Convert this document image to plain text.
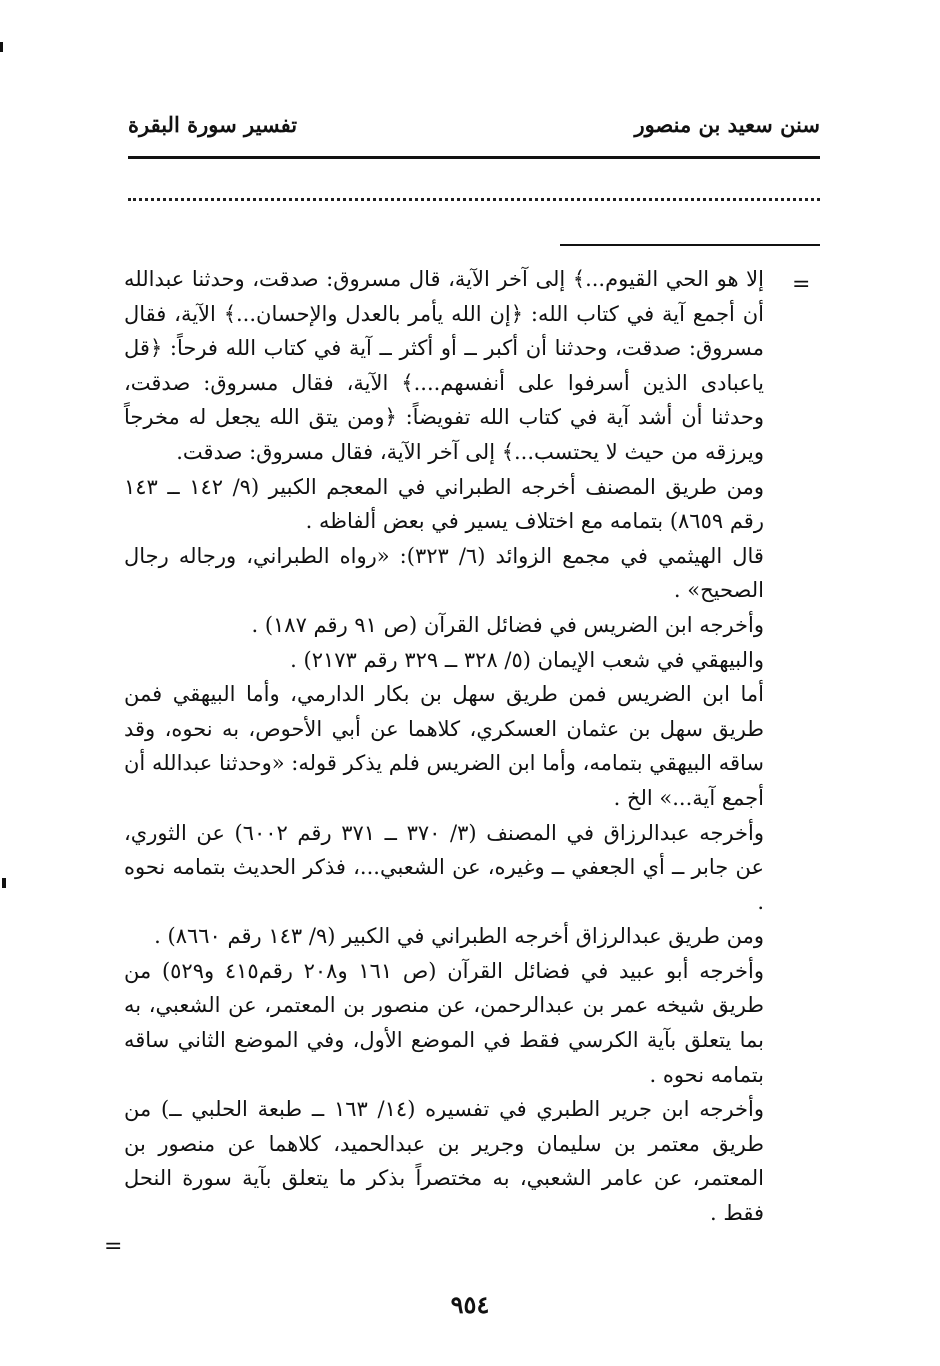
سنن سعيد بن منصور
تفسير سورة البقرة
=

إلا هو الحي القيوم...﴾ إلى آخر الآية، قال مسروق: صدقت، وحدثنا عبدالله أن أجمع آية في كتاب الله: ﴿إن الله يأمر بالعدل والإحسان...﴾ الآية، فقال مسروق: صدقت، وحدثنا أن أكبر ــ أو أكثر ــ آية في كتاب الله فرحاً: ﴿قل ياعبادى الذين أسرفوا على أنفسهم....﴾ الآية، فقال مسروق: صدقت، وحدثنا أن أشد آية في كتاب الله تفويضاً: ﴿ومن يتق الله يجعل له مخرجاً ويرزقه من حيث لا يحتسب...﴾ إلى آخر الآية، فقال مسروق: صدقت.

ومن طريق المصنف أخرجه الطبراني في المعجم الكبير (٩/ ١٤٢ ــ ١٤٣ رقم ٨٦٥٩) بتمامه مع اختلاف يسير في بعض ألفاظه .

قال الهيثمي في مجمع الزوائد (٦/ ٣٢٣): «رواه الطبراني، ورجاله رجال الصحيح» .

وأخرجه ابن الضريس في فضائل القرآن (ص ٩١ رقم ١٨٧) .

والبيهقي في شعب الإيمان (٥/ ٣٢٨ ــ ٣٢٩ رقم ٢١٧٣) .

أما ابن الضريس فمن طريق سهل بن بكار الدارمي، وأما البيهقي فمن طريق سهل بن عثمان العسكري، كلاهما عن أبي الأحوص، به نحوه، وقد ساقه البيهقي بتمامه، وأما ابن الضريس فلم يذكر قوله: «وحدثنا عبدالله أن أجمع آية...» الخ .

وأخرجه عبدالرزاق في المصنف (٣/ ٣٧٠ ــ ٣٧١ رقم ٦٠٠٢) عن الثوري، عن جابر ــ أي الجعفي ــ وغيره، عن الشعبي...، فذكر الحديث بتمامه نحوه .

ومن طريق عبدالرزاق أخرجه الطبراني في الكبير (٩/ ١٤٣ رقم ٨٦٦٠) .

وأخرجه أبو عبيد في فضائل القرآن (ص ١٦١ و٢٠٨ رقم٤١٥ و٥٢٩) من طريق شيخه عمر بن عبدالرحمن، عن منصور بن المعتمر، عن الشعبي، به بما يتعلق بآية الكرسي فقط في الموضع الأول، وفي الموضع الثاني ساقه بتمامه نحوه .

وأخرجه ابن جرير الطبري في تفسيره (١٤/ ١٦٣ ــ طبعة الحلبي ــ) من طريق معتمر بن سليمان وجرير بن عبدالحميد، كلاهما عن منصور بن المعتمر، عن عامر الشعبي، به مختصراً بذكر ما يتعلق بآية سورة النحل فقط .

=
٩٥٤
